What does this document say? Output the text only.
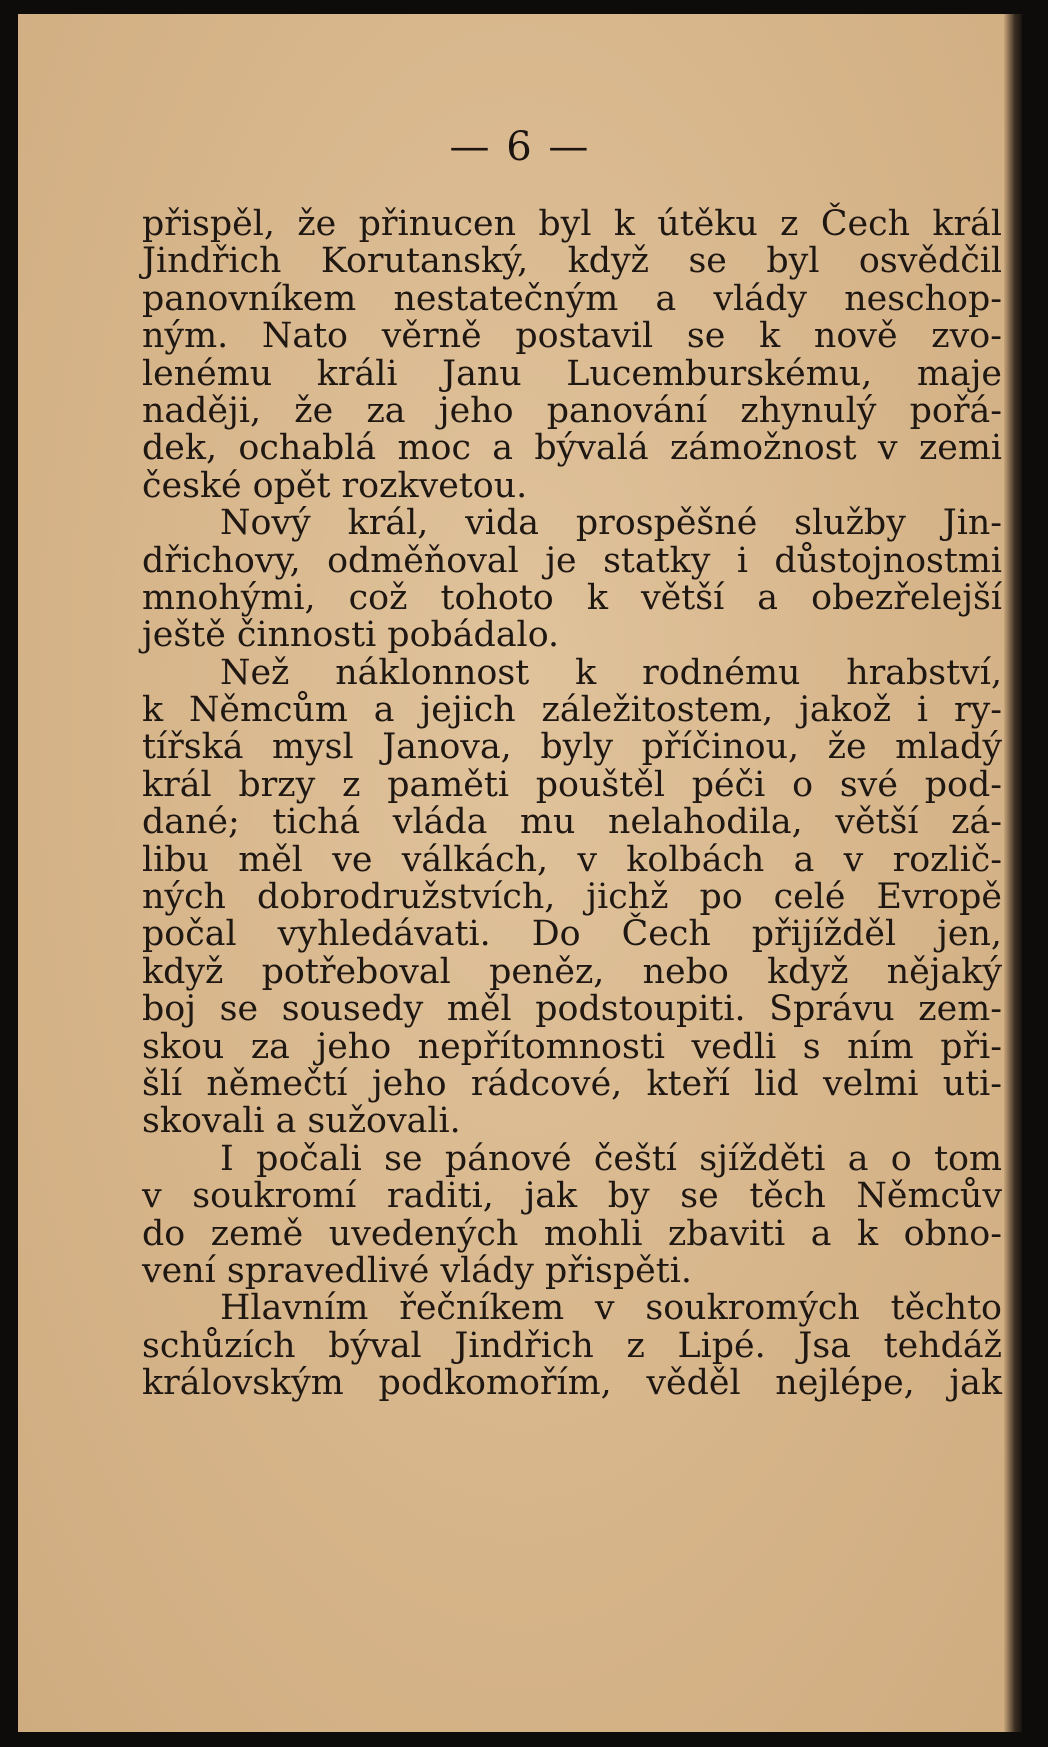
— 6 —
přispěl, že přinucen byl k útěku z Čech král
Jindřich Korutanský, když se byl osvědčil
panovníkem nestatečným a vlády neschop-
ným. Nato věrně postavil se k nově zvo-
lenému králi Janu Lucemburskému, maje
naději, že za jeho panování zhynulý pořá-
dek, ochablá moc a bývalá zámožnost v zemi
české opět rozkvetou.
Nový král, vida prospěšné služby Jin-
dřichovy, odměňoval je statky i důstojnostmi
mnohými, což tohoto k větší a obezřelejší
ještě činnosti pobádalo.
Než náklonnost k rodnému hrabství,
k Němcům a jejich záležitostem, jakož i ry-
tířská mysl Janova, byly příčinou, že mladý
král brzy z paměti pouštěl péči o své pod-
dané; tichá vláda mu nelahodila, větší zá-
libu měl ve válkách, v kolbách a v rozlič-
ných dobrodružstvích, jichž po celé Evropě
počal vyhledávati. Do Čech přijížděl jen,
když potřeboval peněz, nebo když nějaký
boj se sousedy měl podstoupiti. Správu zem-
skou za jeho nepřítomnosti vedli s ním při-
šlí němečtí jeho rádcové, kteří lid velmi uti-
skovali a sužovali.
I počali se pánové čeští sjížděti a o tom
v soukromí raditi, jak by se těch Němcův
do země uvedených mohli zbaviti a k obno-
vení spravedlivé vlády přispěti.
Hlavním řečníkem v soukromých těchto
schůzích býval Jindřich z Lipé. Jsa tehdáž
královským podkomořím, věděl nejlépe, jak
